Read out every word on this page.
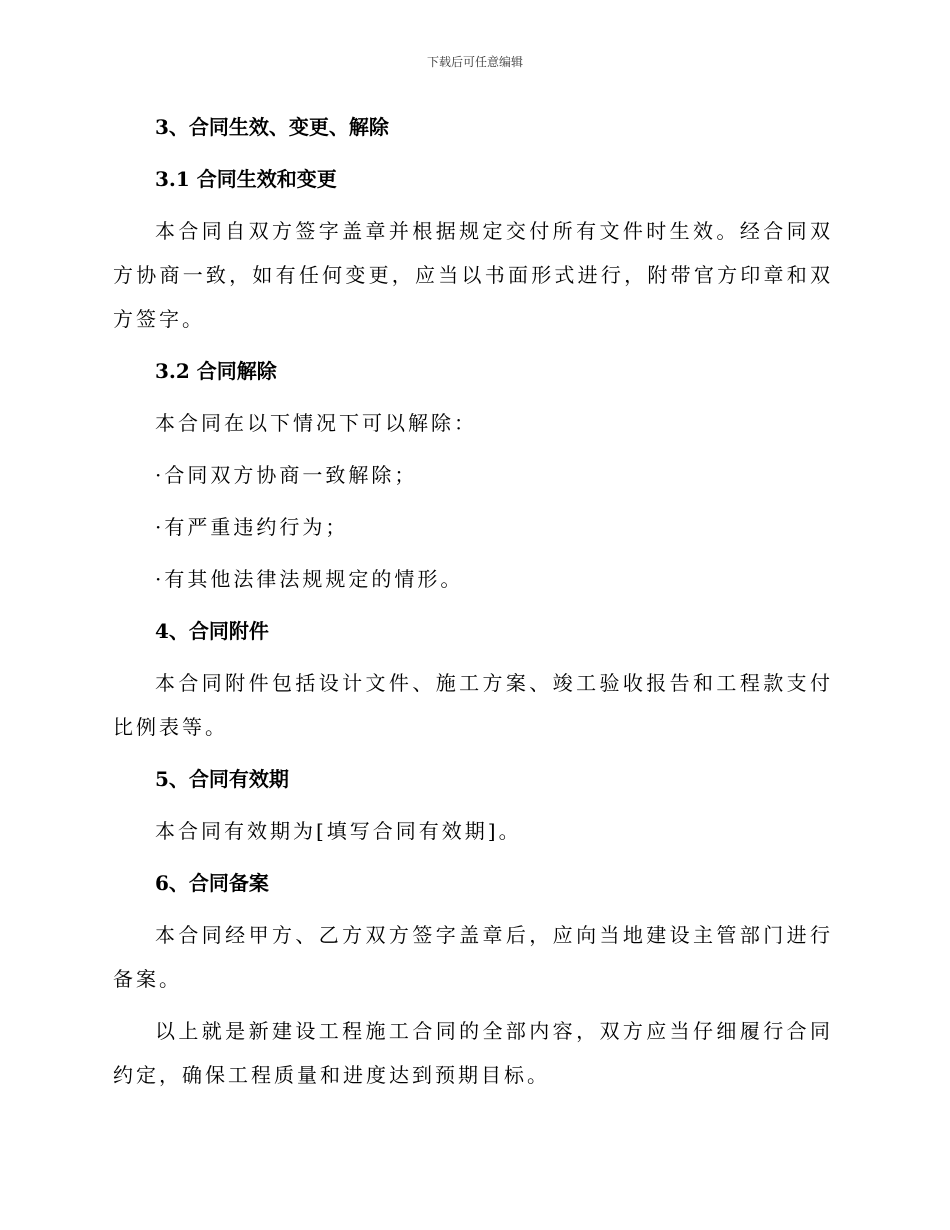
下载后可任意编辑
3、合同生效、变更、解除
3.1 合同生效和变更

本合同自双方签字盖章并根据规定交付所有文件时生效。经合同双方协商一致，如有任何变更，应当以书面形式进行，附带官方印章和双方签字。

3.2 合同解除
本合同在以下情况下可以解除：
·合同双方协商一致解除；
·有严重违约行为；
·有其他法律法规规定的情形。
4、合同附件

本合同附件包括设计文件、施工方案、竣工验收报告和工程款支付比例表等。

5、合同有效期
本合同有效期为[填写合同有效期]。
6、合同备案

本合同经甲方、乙方双方签字盖章后，应向当地建设主管部门进行备案。

以上就是新建设工程施工合同的全部内容，双方应当仔细履行合同约定，确保工程质量和进度达到预期目标。
